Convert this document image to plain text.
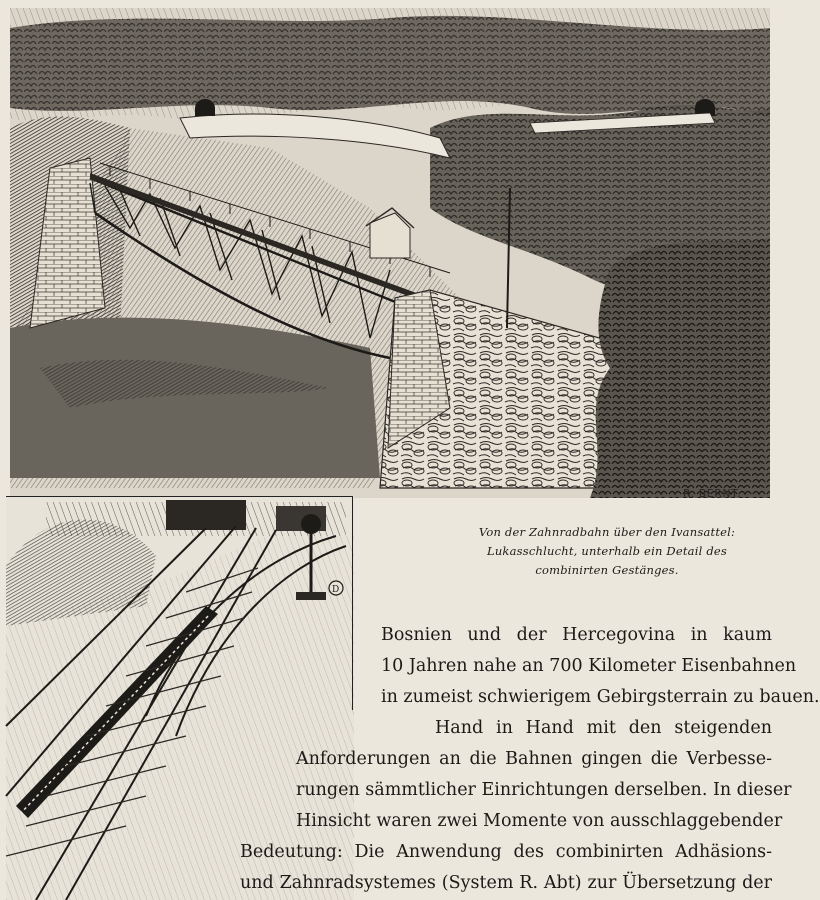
R. BERNT.
D
Von der Zahnradbahn über den Ivansattel:
Lukasschlucht, unterhalb ein Detail des
combinirten Gestänges.
Bosnien und der Hercegovina in kaum
10 Jahren nahe an 700 Kilometer Eisenbahnen
in zumeist schwierigem Gebirgsterrain zu bauen.
Hand in Hand mit den steigenden
Anforderungen an die Bahnen gingen die Verbesse-
rungen sämmtlicher Einrichtungen derselben. In dieser
Hinsicht waren zwei Momente von ausschlaggebender
Bedeutung: Die Anwendung des combinirten Adhäsions-
und Zahnradsystemes (System R. Abt) zur Übersetzung der
